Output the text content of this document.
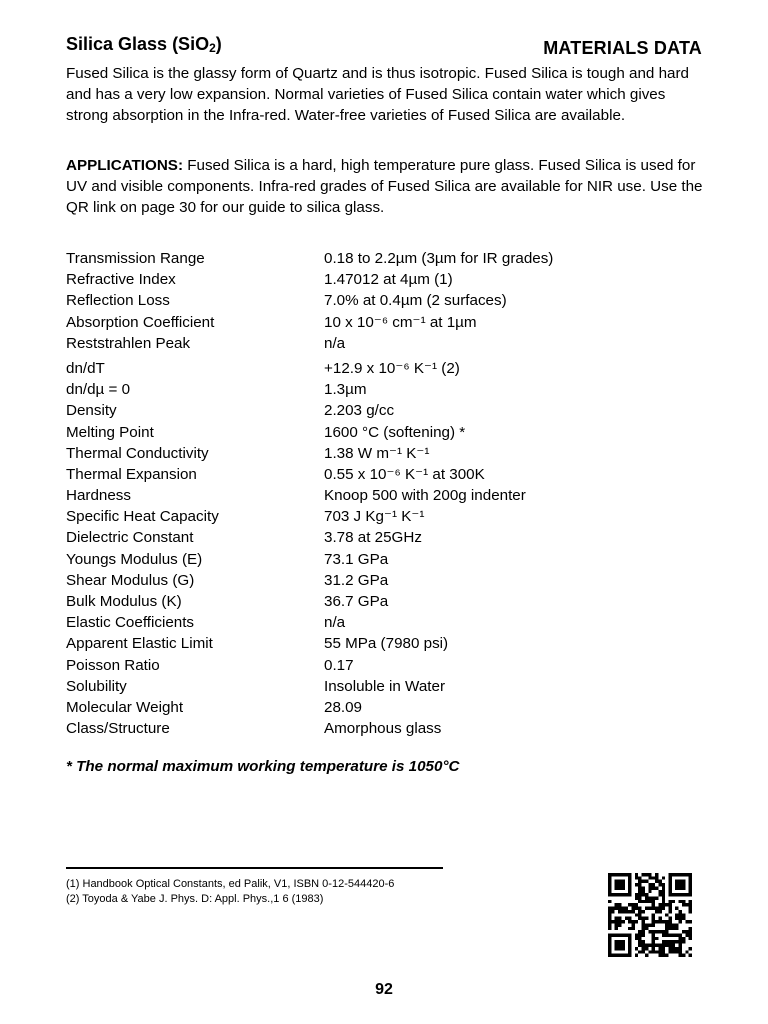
Silica Glass (SiO$_2$)	MATERIALS DATA

Fused Silica is the glassy form of Quartz and is thus isotropic. Fused Silica is tough and hard and has a very low expansion. Normal varieties of Fused Silica contain water which gives strong absorption in the Infra-red. Water-free varieties of Fused Silica are available.

APPLICATIONS: Fused Silica is a hard, high temperature pure glass. Fused Silica is used for UV and visible components. Infra-red grades of Fused Silica are available for NIR use. Use the QR link on page 30 for our guide to silica glass.

Transmission Range	0.18 to 2.2µm (3µm for IR grades)
Refractive Index	1.47012 at 4µm (1)
Reflection Loss	7.0% at 0.4µm (2 surfaces)
Absorption Coefficient	10 x 10⁻⁶ cm⁻¹ at 1µm
Reststrahlen Peak	n/a
dn/dT	+12.9 x 10⁻⁶ K⁻¹ (2)
dn/dµ = 0	1.3µm
Density	2.203 g/cc
Melting Point	1600 °C (softening) *
Thermal Conductivity	1.38 W m⁻¹ K⁻¹
Thermal Expansion	0.55 x 10⁻⁶ K⁻¹ at 300K
Hardness	Knoop 500 with 200g indenter
Specific Heat Capacity	703 J Kg⁻¹ K⁻¹
Dielectric Constant	3.78 at 25GHz
Youngs Modulus (E)	73.1 GPa
Shear Modulus (G)	31.2 GPa
Bulk Modulus (K)	36.7 GPa
Elastic Coefficients	n/a
Apparent Elastic Limit	55 MPa (7980 psi)
Poisson Ratio	0.17
Solubility	Insoluble in Water
Molecular Weight	28.09
Class/Structure	Amorphous glass
* The normal maximum working temperature is 1050°C
(1) Handbook Optical Constants, ed Palik, V1, ISBN 0-12-544420-6
(2) Toyoda & Yabe J. Phys. D: Appl. Phys.,1 6 (1983)
92
